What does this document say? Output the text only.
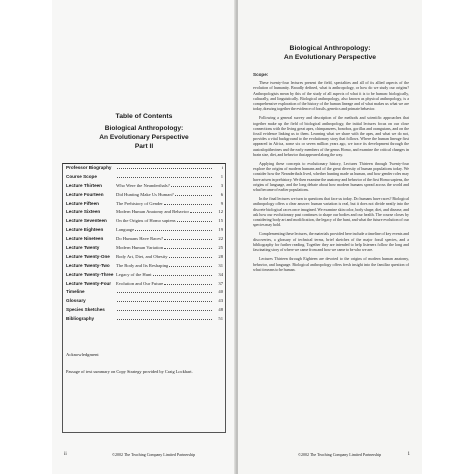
Table of Contents
Biological Anthropology:
An Evolutionary Perspective
Part II
Professor Biography	i
Course Scope	1
Lecture Thirteen	Who Were the Neanderthals?	3
Lecture Fourteen	Did Hunting Make Us Human?	6
Lecture Fifteen	The Prehistory of Gender	9
Lecture Sixteen	Modern Human Anatomy and Behavior	12
Lecture Seventeen	On the Origins of Homo sapiens	15
Lecture Eighteen	Language	19
Lecture Nineteen	Do Humans Have Races?	22
Lecture Twenty	Modern Human Variation	25
Lecture Twenty-One	Body Art, Diet, and Obesity	28
Lecture Twenty-Two	The Body and Its Reshaping	31
Lecture Twenty-Three Legacy of the Hunt	34
Lecture Twenty-Four	Evolution and Our Future	37
Timeline	40
Glossary	43
Species Sketches	48
Bibliography	51
Acknowledgment
Passage of text summary on Copy Strategy provided by Craig Lockhart.
ii	©2002 The Teaching Company Limited Partnership
Biological Anthropology:
An Evolutionary Perspective
Scope:

These twenty-four lectures present the field, specialties and all of its allied aspects of the evolution of humanity. Broadly defined, what is anthropology, or how do we study our origins? Anthropologists mean by this of the study of all aspects of what it is to be human: biologically, culturally, and linguistically. Biological anthropology, also known as physical anthropology, is a comprehensive exploration of the history of the human lineage and of what makes us what we are today, drawing together the evidence of fossils, genetics and primate behavior.

Following a general survey and description of the methods and scientific approaches that together make up the field of biological anthropology, the initial lectures focus on our close connections with the living great apes, chimpanzees, bonobos, gorillas and orangutans, and on the fossil evidence linking us to them. Learning what we share with the apes, and what we do not, provides a vital background to the evolutionary story that follows. Where the human lineage first appeared in Africa, some six or seven million years ago, we trace its development through the australopithecines and the early members of the genus Homo, and examine the critical changes in brain size, diet, and behavior that appeared along the way.

Applying these concepts to evolutionary history, Lectures Thirteen through Twenty-four explore the origins of modern humans and of the great diversity of human populations today. We consider how the Neanderthals lived, whether hunting made us human, and how gender roles may have arisen in prehistory. We then examine the anatomy and behavior of the first Homo sapiens, the origins of language, and the long debate about how modern humans spread across the world and what became of earlier populations.

In the final lectures we turn to questions that face us today. Do humans have races? Biological anthropology offers a clear answer: human variation is real, but it does not divide neatly into the discrete biological races once imagined. We examine skin color, body shape, diet, and disease, and ask how our evolutionary past continues to shape our bodies and our health. The course closes by considering body art and modification, the legacy of the hunt, and what the future evolution of our species may hold.

Complementing these lectures, the materials provided here include a timeline of key events and discoveries, a glossary of technical terms, brief sketches of the major fossil species, and a bibliography for further reading. Together they are intended to help listeners follow the long and fascinating story of where we came from and how we came to be who we are.

Lectures Thirteen through Eighteen are devoted to the origins of modern human anatomy, behavior, and language. Biological anthropology offers fresh insight into the familiar question of what it means to be human.

1
©2002 The Teaching Company Limited Partnership
